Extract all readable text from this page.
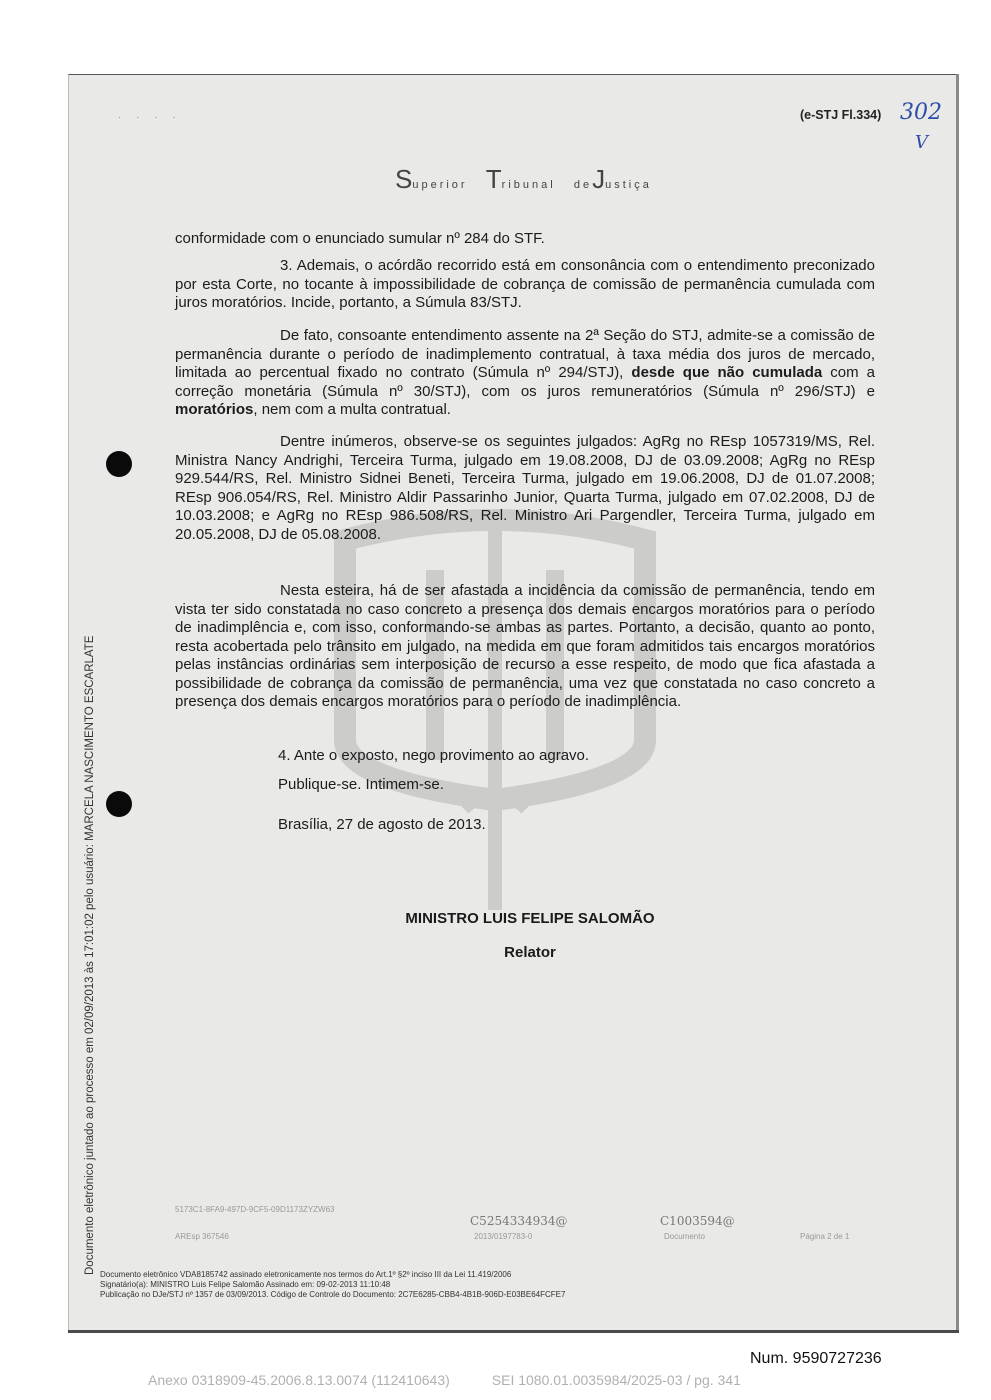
· · · ·	(e-STJ Fl.334) 302
V
Superior Tribunal deJustiça
conformidade com o enunciado sumular nº 284 do STF.
3. Ademais, o acórdão recorrido está em consonância com o entendimento preconizado por esta Corte, no tocante à impossibilidade de cobrança de comissão de permanência cumulada com juros moratórios. Incide, portanto, a Súmula 83/STJ.
De fato, consoante entendimento assente na 2ª Seção do STJ, admite-se a comissão de permanência durante o período de inadimplemento contratual, à taxa média dos juros de mercado, limitada ao percentual fixado no contrato (Súmula nº 294/STJ), desde que não cumulada com a correção monetária (Súmula nº 30/STJ), com os juros remuneratórios (Súmula nº 296/STJ) e moratórios, nem com a multa contratual.
Dentre inúmeros, observe-se os seguintes julgados: AgRg no REsp 1057319/MS, Rel. Ministra Nancy Andrighi, Terceira Turma, julgado em 19.08.2008, DJ de 03.09.2008; AgRg no REsp 929.544/RS, Rel. Ministro Sidnei Beneti, Terceira Turma, julgado em 19.06.2008, DJ de 01.07.2008; REsp 906.054/RS, Rel. Ministro Aldir Passarinho Junior, Quarta Turma, julgado em 07.02.2008, DJ de 10.03.2008; e AgRg no REsp 986.508/RS, Rel. Ministro Ari Pargendler, Terceira Turma, julgado em 20.05.2008, DJ de 05.08.2008.
Nesta esteira, há de ser afastada a incidência da comissão de permanência, tendo em vista ter sido constatada no caso concreto a presença dos demais encargos moratórios para o período de inadimplência e, com isso, conformando-se ambas as partes. Portanto, a decisão, quanto ao ponto, resta acobertada pelo trânsito em julgado, na medida em que foram admitidos tais encargos moratórios pelas instâncias ordinárias sem interposição de recurso a esse respeito, de modo que fica afastada a possibilidade de cobrança da comissão de permanência, uma vez que constatada no caso concreto a presença dos demais encargos moratórios para o período de inadimplência.
4. Ante o exposto, nego provimento ao agravo.
Publique-se. Intimem-se.
Brasília, 27 de agosto de 2013.
MINISTRO LUIS FELIPE SALOMÃO
Relator
Documento eletrônico juntado ao processo em 02/09/2013 às 17:01:02 pelo usuário: MARCELA NASCIMENTO ESCARLATE	5173C1-8FA9-497D-9CF5-09D1173ZYZW63
AREsp 367546
C5254334934@
2013/0197783-0
C1003594@
Documento	Página 2 de 1
Documento eletrônico VDA8185742 assinado eletronicamente nos termos do Art.1º §2º inciso III da Lei 11.419/2006
Signatário(a): MINISTRO Luis Felipe Salomão Assinado em: 09-02-2013 11:10:48
Publicação no DJe/STJ nº 1357 de 03/09/2013. Código de Controle do Documento: 2C7E6285-CBB4-4B1B-906D-E03BE64FCFE7
Num. 9590727236
Anexo 0318909-45.2006.8.13.0074 (112410643)	SEI 1080.01.0035984/2025-03 / pg. 341
